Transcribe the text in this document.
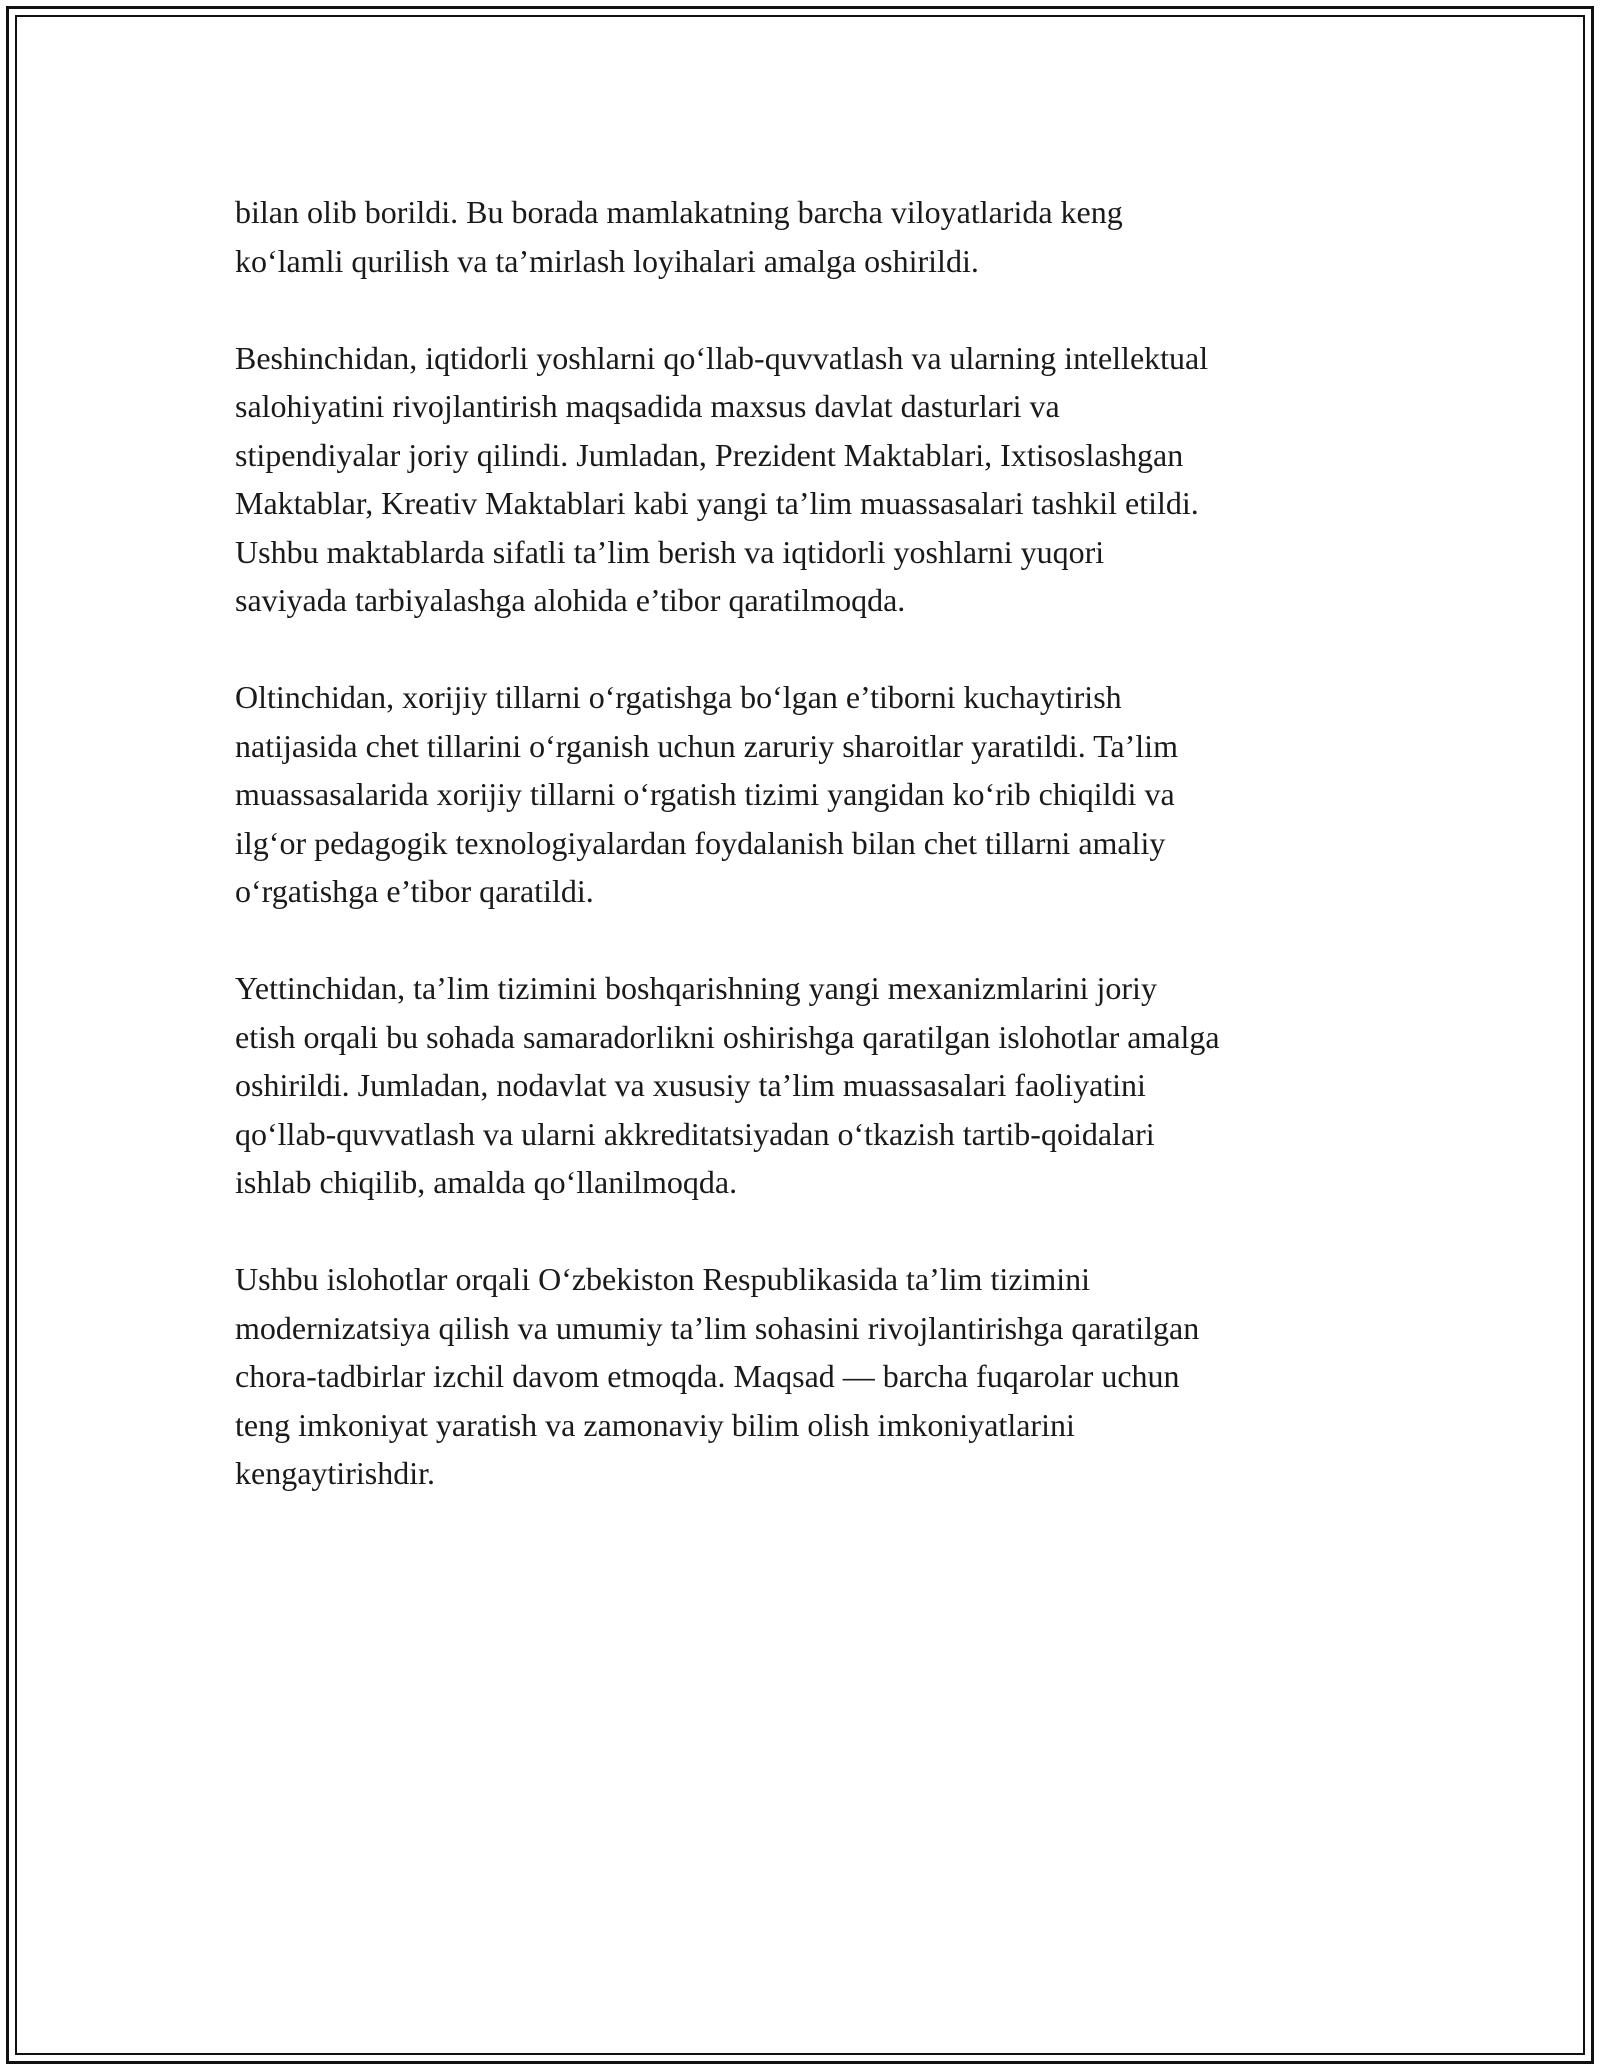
bilan olib borildi. Bu borada mamlakatning barcha viloyatlarida keng
ko‘lamli qurilish va ta’mirlash loyihalari amalga oshirildi.

Beshinchidan, iqtidorli yoshlarni qo‘llab-quvvatlash va ularning intellektual
salohiyatini rivojlantirish maqsadida maxsus davlat dasturlari va
stipendiyalar joriy qilindi. Jumladan, Prezident Maktablari, Ixtisoslashgan
Maktablar, Kreativ Maktablari kabi yangi ta’lim muassasalari tashkil etildi.
Ushbu maktablarda sifatli ta’lim berish va iqtidorli yoshlarni yuqori
saviyada tarbiyalashga alohida e’tibor qaratilmoqda.

Oltinchidan, xorijiy tillarni o‘rgatishga bo‘lgan e’tiborni kuchaytirish
natijasida chet tillarini o‘rganish uchun zaruriy sharoitlar yaratildi. Ta’lim
muassasalarida xorijiy tillarni o‘rgatish tizimi yangidan ko‘rib chiqildi va
ilg‘or pedagogik texnologiyalardan foydalanish bilan chet tillarni amaliy
o‘rgatishga e’tibor qaratildi.

Yettinchidan, ta’lim tizimini boshqarishning yangi mexanizmlarini joriy
etish orqali bu sohada samaradorlikni oshirishga qaratilgan islohotlar amalga
oshirildi. Jumladan, nodavlat va xususiy ta’lim muassasalari faoliyatini
qo‘llab-quvvatlash va ularni akkreditatsiyadan o‘tkazish tartib-qoidalari
ishlab chiqilib, amalda qo‘llanilmoqda.

Ushbu islohotlar orqali O‘zbekiston Respublikasida ta’lim tizimini
modernizatsiya qilish va umumiy ta’lim sohasini rivojlantirishga qaratilgan
chora-tadbirlar izchil davom etmoqda. Maqsad — barcha fuqarolar uchun
teng imkoniyat yaratish va zamonaviy bilim olish imkoniyatlarini
kengaytirishdir.
